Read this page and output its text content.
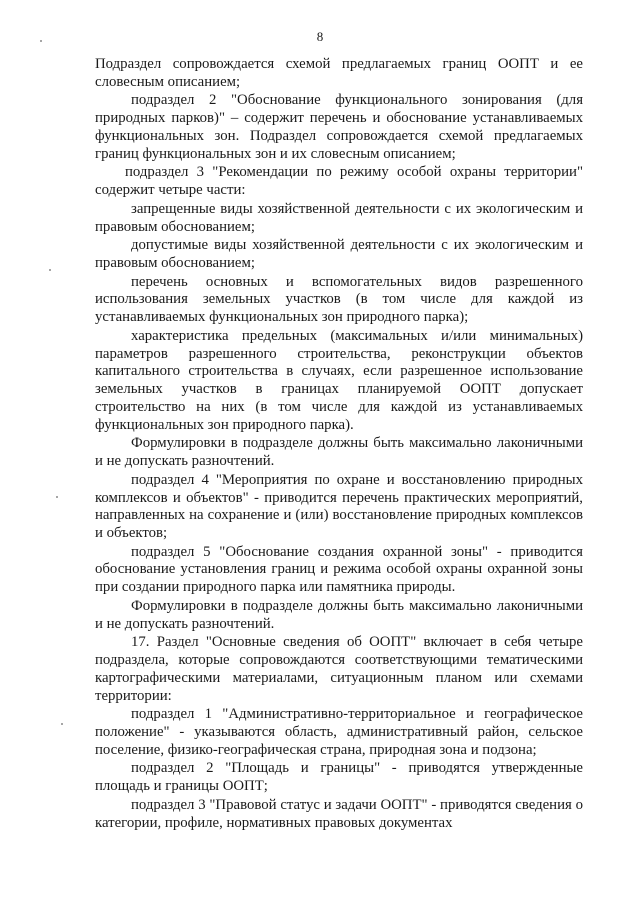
8

Подраздел сопровождается схемой предлагаемых границ ООПТ и ее словесным описанием;

подраздел 2 "Обоснование функционального зонирования (для природных парков)" – содержит перечень и обоснование устанавливаемых функциональных зон. Подраздел сопровождается схемой предлагаемых границ функциональных зон и их словесным описанием;

подраздел 3 "Рекомендации по режиму особой охраны территории" содержит четыре части:

запрещенные виды хозяйственной деятельности с их экологическим и правовым обоснованием;

допустимые виды хозяйственной деятельности с их экологическим и правовым обоснованием;

перечень основных и вспомогательных видов разрешенного использования земельных участков (в том числе для каждой из устанавливаемых функциональных зон природного парка);

характеристика предельных (максимальных и/или минимальных) параметров разрешенного строительства, реконструкции объектов капитального строительства в случаях, если разрешенное использование земельных участков в границах планируемой ООПТ допускает строительство на них (в том числе для каждой из устанавливаемых функциональных зон природного парка).

Формулировки в подразделе должны быть максимально лаконичными и не допускать разночтений.

подраздел 4 "Мероприятия по охране и восстановлению природных комплексов и объектов" - приводится перечень практических мероприятий, направленных на сохранение и (или) восстановление природных комплексов и объектов;

подраздел 5 "Обоснование создания охранной зоны" - приводится обоснование установления границ и режима особой охраны охранной зоны при создании природного парка или памятника природы.

Формулировки в подразделе должны быть максимально лаконичными и не допускать разночтений.

17. Раздел "Основные сведения об ООПТ" включает в себя четыре подраздела, которые сопровождаются соответствующими тематическими картографическими материалами, ситуационным планом или схемами территории:

подраздел 1 "Административно-территориальное и географическое положение" - указываются область, административный район, сельское поселение, физико-географическая страна, природная зона и подзона;

подраздел 2 "Площадь и границы" - приводятся утвержденные площадь и границы ООПТ;

подраздел 3 "Правовой статус и задачи ООПТ" - приводятся сведения о категории, профиле, нормативных правовых документах
